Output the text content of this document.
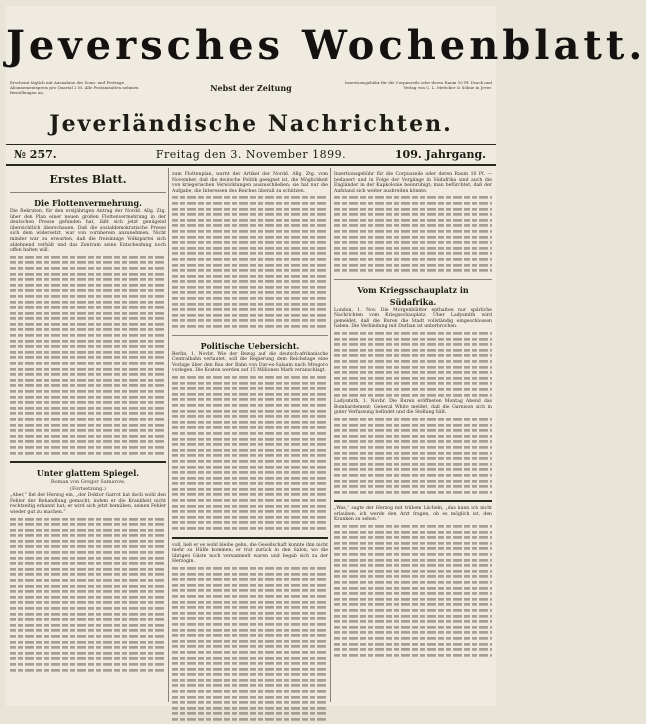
Jeversches Wochenblatt.
Erscheint täglich mit Ausnahme der Sonn- und Festtage. Abonnementspreis pro Quartal 2 M. Alle Postanstalten nehmen Bestellungen an.	Nebst der Zeitung
Insertionsgebühr für die Corpuszeile oder deren Raum 10 Pf. Druck und Verlag von C. L. Mettcker & Söhne in Jever.
Jeverländische Nachrichten.
№ 257.	Freitag den 3. November 1899.	109. Jahrgang.
Erstes Blatt.
Die Flottenvermehrung.

Die Rekruten, für den erstjährigen Antrag der Nordd. Allg. Ztg. über den Plan einer neuen großen Flottenvermehrung in der deutschen Presse gefunden hat, läßt sich jetzt genügend übersichtlich überschauen. Daß die sozialdemokratische Presse sich dem widersetzt, war von vornherein anzunehmen. Nicht minder war zu erwarten, daß die freisinnige Volkspartei sich ablehnend verhält und das Zentrum seine Entscheidung noch offen halten will.

Unter glattem Spiegel.
Roman von Gregor Samarow.
(Fortsetzung.)

„Aber,“ fiel der Herzog ein, „der Doktor Garrot hat doch wohl den Fehler der Behandlung gemacht, indem er die Krankheit nicht rechtzeitig erkannt hat; er wird sich jetzt bemühen, seinen Fehler wieder gut zu machen.“

zum Flottenplan, warnt der Artikel der Nordd. Allg. Ztg. vom November, daß die deutsche Politik geeignet ist, die Möglichkeit von kriegerischen Verwicklungen auszuschließen; sie hat nur die Aufgabe, die Interessen des Reiches überall zu schützen.

Politische Uebersicht.

Berlin, 1. Novbr. Wie der Bezug auf die deutsch-afrikanische Centralbahn verlautet, soll die Regierung dem Reichstage eine Vorlage über den Bau der Bahn von Dar-es-Salaam nach Mrogoro vorlegen. Die Kosten werden auf 15 Millionen Mark veranschlagt.

voll, ließ er es wohl bleibe gehn, die Gesellschaft konnte ihm nicht mehr zu Hülfe kommen; er trat zurück in den Salon, wo die übrigen Gäste noch versammelt waren und begab sich zu der Herzogin.

Insertionsgebühr für die Corpuszeile oder deren Raum 10 Pf. — bedauert und in Folge der Vorgänge in Südafrika sind auch die Engländer in der Kapkolonie beunruhigt; man befürchtet, daß der Aufstand sich weiter ausbreiten könnte.

Vom Kriegsschauplatz in Südafrika.

London, 1. Nov. Die Morgenblätter enthalten nur spärliche Nachrichten vom Kriegsschauplatz. Über Ladysmith wird gemeldet, daß die Buren die Stadt vollständig eingeschlossen haben. Die Verbindung mit Durban ist unterbrochen.

Ladysmith, 1. Novbr. Die Buren eröffneten Montag Abend das Bombardement; General White meldet, daß die Garnison sich in guter Verfassung befindet und die Stellung hält.

„Was,“ sagte der Herzog mit trübem Lächeln, „das kann ich nicht erlauben, ich werde den Arzt fragen, ob es möglich ist, den Kranken zu sehen.“
